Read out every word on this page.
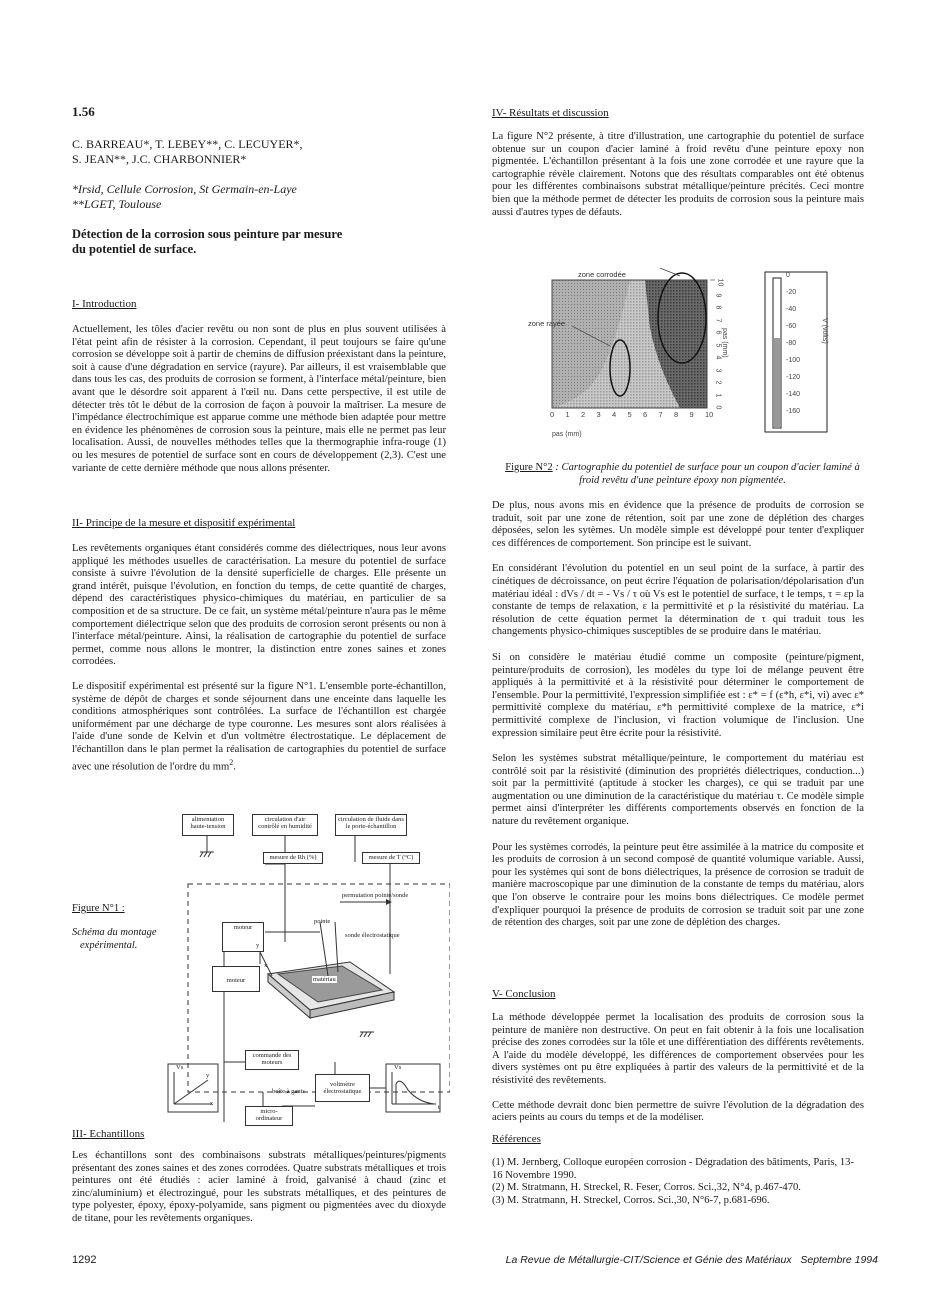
1.56
C. BARREAU*, T. LEBEY**, C. LECUYER*,
S. JEAN**, J.C. CHARBONNIER*
*Irsid, Cellule Corrosion, St Germain-en-Laye
**LGET, Toulouse
Détection de la corrosion sous peinture par mesure
du potentiel de surface.
I- Introduction
Actuellement, les tôles d'acier revêtu ou non sont de plus en plus souvent utilisées à l'état peint afin de résister à la corrosion. Cependant, il peut toujours se faire qu'une corrosion se développe soit à partir de chemins de diffusion préexistant dans la peinture, soit à cause d'une dégradation en service (rayure). Par ailleurs, il est vraisemblable que dans tous les cas, des produits de corrosion se forment, à l'interface métal/peinture, bien avant que le désordre soit apparent à l'œil nu. Dans cette perspective, il est utile de détecter très tôt le début de la corrosion de façon à pouvoir la maîtriser. La mesure de l'impédance électrochimique est apparue comme une méthode bien adaptée pour mettre en évidence les phénomènes de corrosion sous la peinture, mais elle ne permet pas leur localisation. Aussi, de nouvelles méthodes telles que la thermographie infra-rouge (1) ou les mesures de potentiel de surface sont en cours de développement (2,3). C'est une variante de cette dernière méthode que nous allons présenter.
II- Principe de la mesure et dispositif expérimental
Les revêtements organiques étant considérés comme des diélectriques, nous leur avons appliqué les méthodes usuelles de caractérisation. La mesure du potentiel de surface consiste à suivre l'évolution de la densité superficielle de charges. Elle présente un grand intérêt, puisque l'évolution, en fonction du temps, de cette quantité de charges, dépend des caractéristiques physico-chimiques du matériau, en particulier de sa composition et de sa structure. De ce fait, un système métal/peinture n'aura pas le même comportement diélectrique selon que des produits de corrosion seront présents ou non à l'interface métal/peinture. Ainsi, la réalisation de cartographie du potentiel de surface permet, comme nous allons le montrer, la distinction entre zones saines et zones corrodées.
Le dispositif expérimental est présenté sur la figure N°1. L'ensemble porte-échantillon, système de dépôt de charges et sonde séjournent dans une enceinte dans laquelle les conditions atmosphériques sont contrôlées. La surface de l'échantillon est chargée uniformément par une décharge de type couronne. Les mesures sont alors réalisées à l'aide d'une sonde de Kelvin et d'un voltmètre électrostatique. Le déplacement de l'échantillon dans le plan permet la réalisation de cartographies du potentiel de surface avec une résolution de l'ordre du $mm^2$.
Figure N°1 :
Schéma du montage
expérimental.
alimentation haute-tension
circulation d'air contrôlé en humidité
circulation de fluide dans le porte-échantillon
mesure de Rh (%)	mesure de T (°C)
permutation pointe/sonde
moteur
pointe
sonde électrostatique
moteur
y
x
matériau
boîte à gants
commande des moteurs
micro-ordinateur
voltmètre électrostatique
Vs	Vs
y
x
t
III- Echantillons
Les échantillons sont des combinaisons substrats métalliques/peintures/pigments présentant des zones saines et des zones corrodées. Quatre substrats métalliques et trois peintures ont été étudiés : acier laminé à froid, galvanisé à chaud (zinc et zinc/aluminium) et électrozingué, pour les substrats métalliques, et des peintures de type polyester, époxy, époxy-polyamide, sans pigment ou pigmentées avec du dioxyde de titane, pour les revêtements organiques.
IV- Résultats et discussion
La figure N°2 présente, à titre d'illustration, une cartographie du potentiel de surface obtenue sur un coupon d'acier laminé à froid revêtu d'une peinture epoxy non pigmentée. L'échantillon présentant à la fois une zone corrodée et une rayure que la cartographie révèle clairement. Notons que des résultats comparables ont été obtenus pour les différentes combinaisons substrat métallique/peinture précités. Ceci montre bien que la méthode permet de détecter les produits de corrosion sous la peinture mais aussi d'autres types de défauts.
zone corrodée
zone rayée
0 1 2 3 4 5 6 7 8 9 10
0
1
2
3
4
5
6
7
8
9
10
0
-20
-40
-60
-80
-100
-120
-140
-160
pas (mm)
pas (mm)	V (volts)
Figure N°2 : Cartographie du potentiel de surface pour un coupon d'acier laminé à froid revêtu d'une peinture époxy non pigmentée.
De plus, nous avons mis en évidence que la présence de produits de corrosion se traduit, soit par une zone de rétention, soit par une zone de déplétion des charges déposées, selon les sytèmes. Un modèle simple est développé pour tenter d'expliquer ces différences de comportement. Son principe est le suivant.
En considérant l'évolution du potentiel en un seul point de la surface, à partir des cinétiques de décroissance, on peut écrire l'équation de polarisation/dépolarisation d'un matériau idéal : dVs / dt = - Vs / τ où Vs est le potentiel de surface, t le temps, τ = εp la constante de temps de relaxation, ε la permittivité et ρ la résistivité du matériau. La résolution de cette équation permet la détermination de τ qui traduit tous les changements physico-chimiques susceptibles de se produire dans le matériau.
Si on considère le matériau étudié comme un composite (peinture/pigment, peinture/produits de corrosion), les modèles du type loi de mélange peuvent être appliqués à la permittivité et à la résistivité pour déterminer le comportement de l'ensemble. Pour la permittivité, l'expression simplifiée est : ε* = f (ε*h, ε*i, vi) avec ε* permittivité complexe du matériau, ε*h permittivité complexe de la matrice, ε*i permittivité complexe de l'inclusion, vi fraction volumique de l'inclusion. Une expression similaire peut être écrite pour la résistivité.
Selon les systèmes substrat métallique/peinture, le comportement du matériau est contrôlé soit par la résistivité (diminution des propriétés diélectriques, conduction...) soit par la permittivité (aptitude à stocker les charges), ce qui se traduit par une augmentation ou une diminution de la caractéristique du matériau τ. Ce modèle simple permet ainsi d'interpréter les différents comportements observés en fonction de la nature du revêtement organique.
Pour les systèmes corrodés, la peinture peut être assimilée à la matrice du composite et les produits de corrosion à un second composé de quantité volumique variable. Aussi, pour les systèmes qui sont de bons diélectriques, la présence de corrosion se traduit de manière macroscopique par une diminution de la constante de temps du matériau, alors que l'on observe le contraire pour les moins bons diélectriques. Ce modèle permet d'expliquer pourquoi la présence de produits de corrosion se traduit soit par une zone de rétention des charges, soit par une zone de déplétion des charges.
V- Conclusion
La méthode développée permet la localisation des produits de corrosion sous la peinture de manière non destructive. On peut en fait obtenir à la fois une localisation précise des zones corrodées sur la tôle et une différentiation des différents revêtements. A l'aide du modèle développé, les différences de comportement observées pour les divers systèmes ont pu être expliquées à partir des valeurs de la permittivité et de la résistivité des revêtements.
Cette méthode devrait donc bien permettre de suivre l'évolution de la dégradation des aciers peints au cours du temps et de la modéliser.
Références
(1) M. Jernberg, Colloque européen corrosion - Dégradation des bâtiments, Paris, 13-16 Novembre 1990.
(2) M. Stratmann, H. Streckel, R. Feser, Corros. Sci.,32, N°4, p.467-470.
(3) M. Stratmann, H. Streckel, Corros. Sci.,30, N°6-7, p.681-696.
1292	La Revue de Métallurgie-CIT/Science et Génie des Matériaux   Septembre 1994
